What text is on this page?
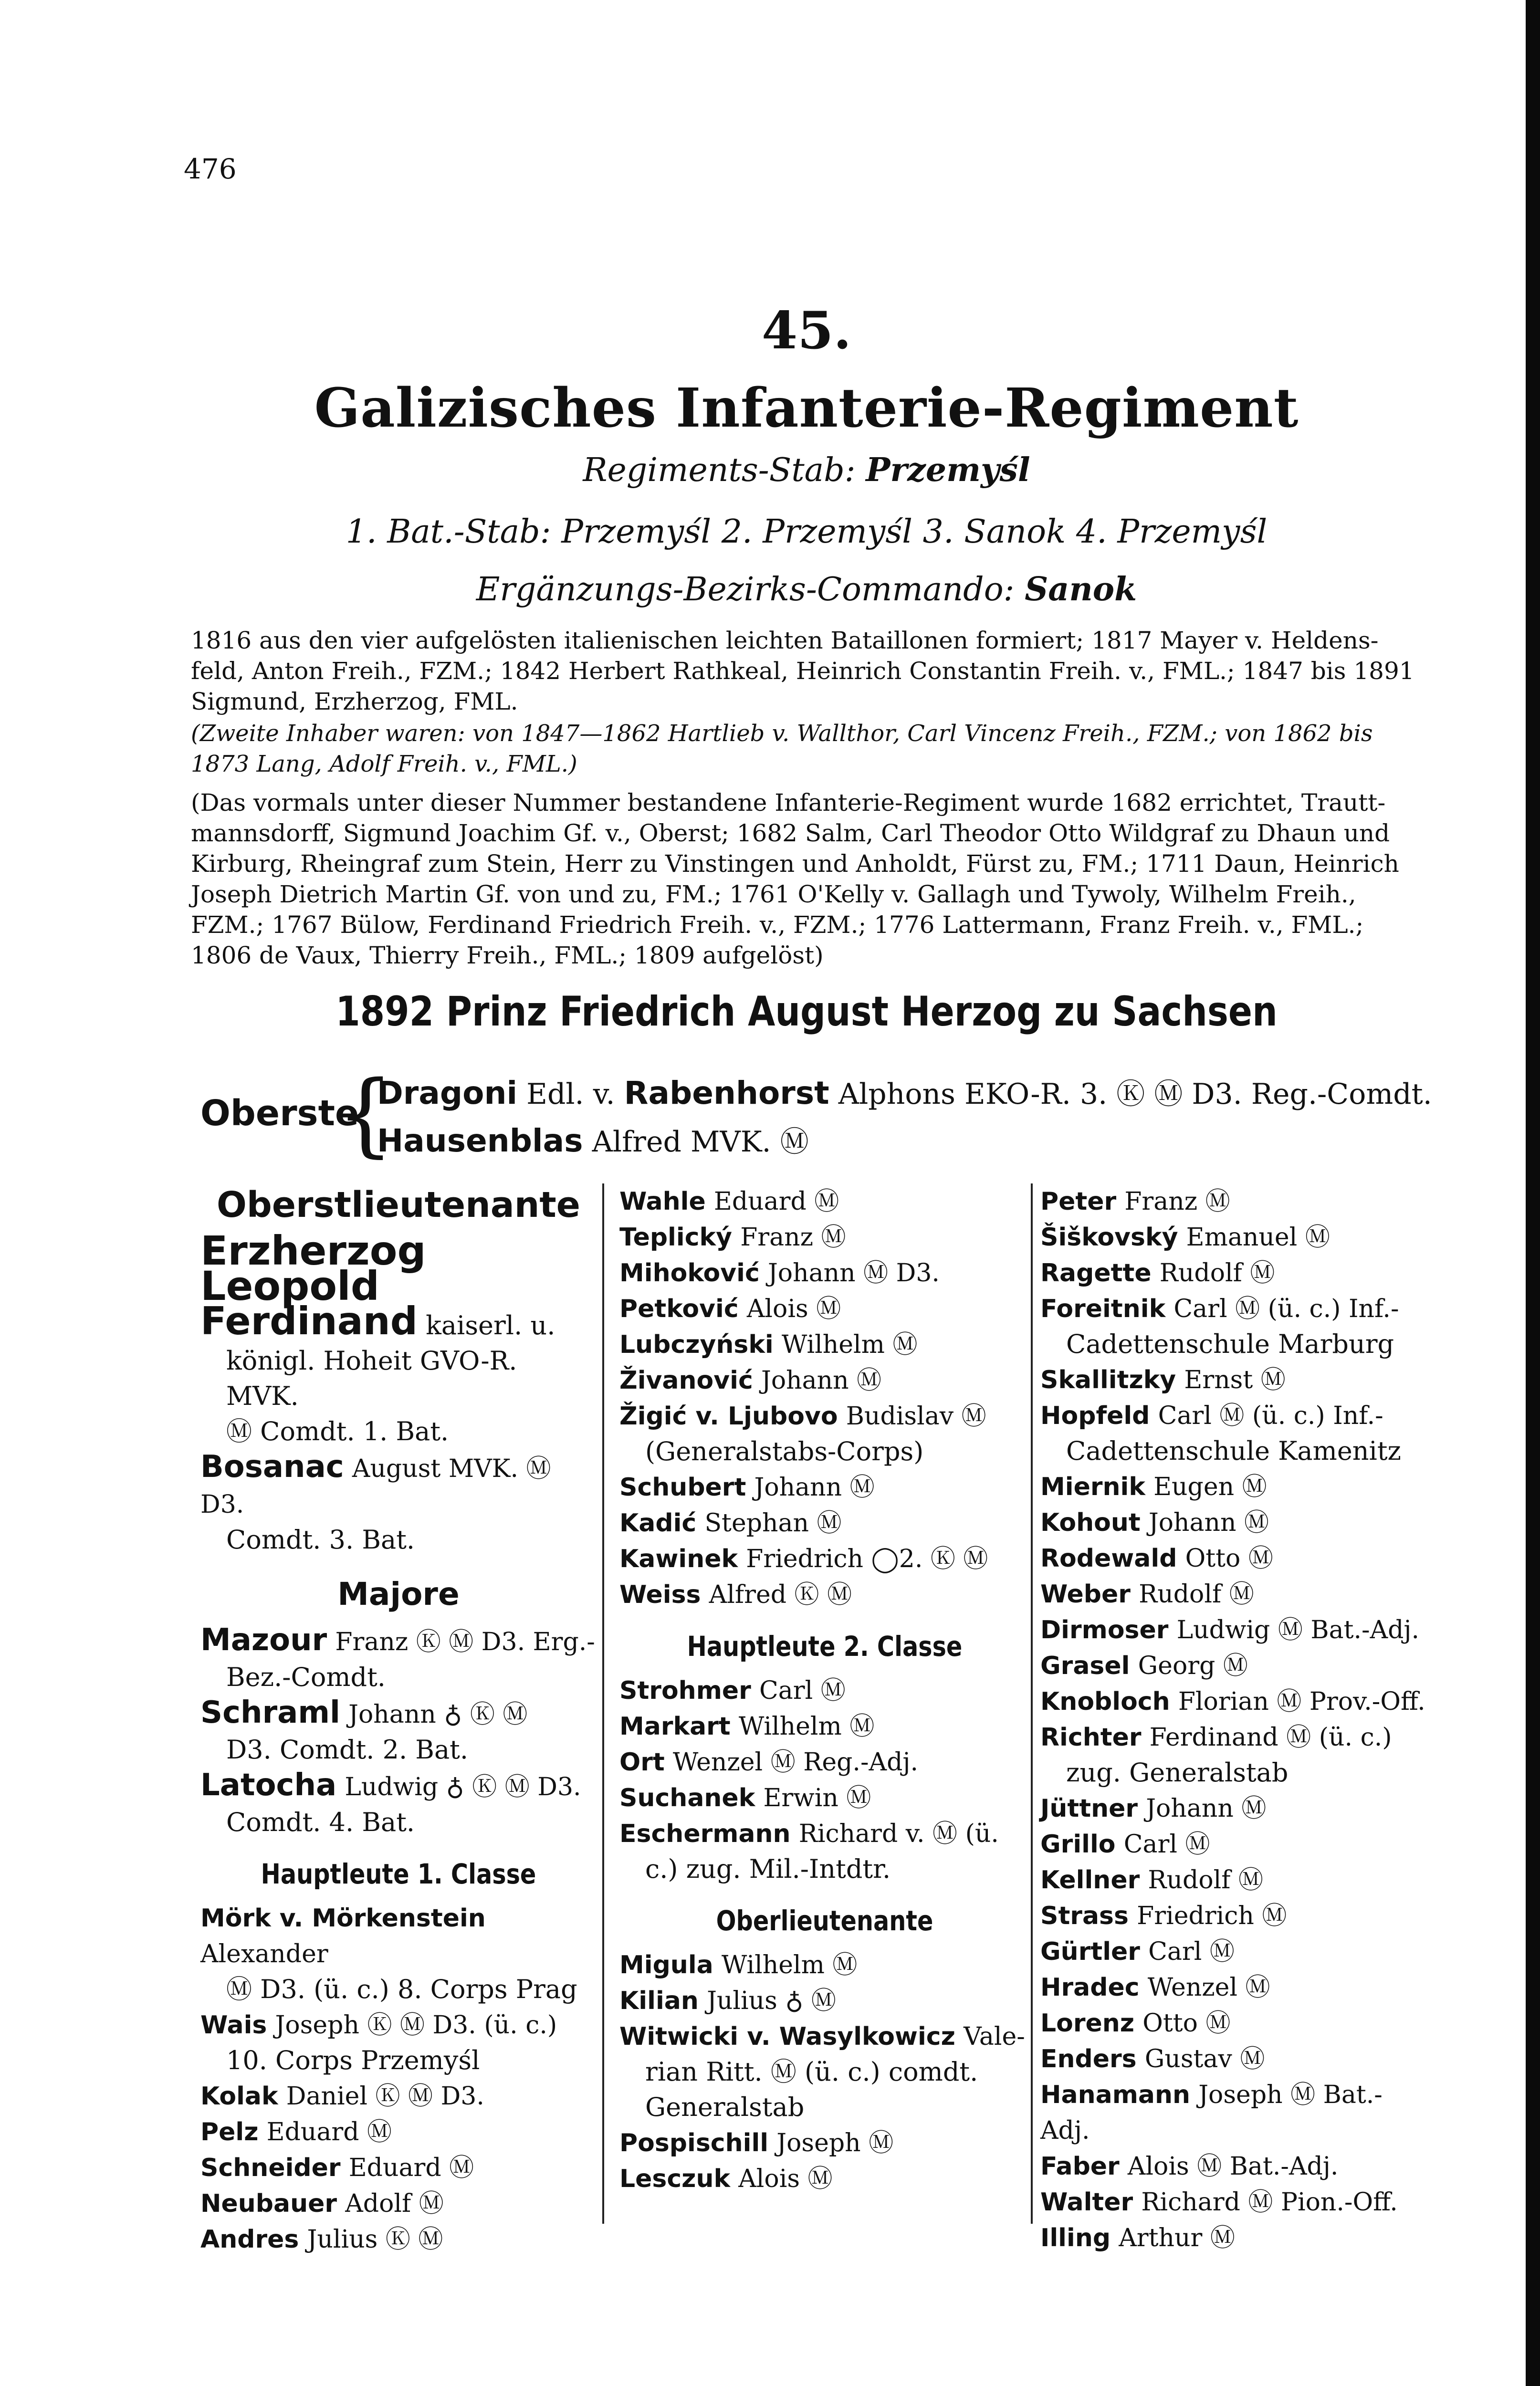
476
45.
Galizisches Infanterie-Regiment
Regiments-Stab: Przemyśl
1. Bat.-Stab: Przemyśl 2. Przemyśl 3. Sanok 4. Przemyśl
Ergänzungs-Bezirks-Commando: Sanok
1816 aus den vier aufgelösten italienischen leichten Bataillonen formiert; 1817 Mayer v. Heldens-feld, Anton Freih., FZM.; 1842 Herbert Rathkeal, Heinrich Constantin Freih. v., FML.; 1847 bis 1891 Sigmund, Erzherzog, FML.
(Zweite Inhaber waren: von 1847—1862 Hartlieb v. Wallthor, Carl Vincenz Freih., FZM.; von 1862 bis 1873 Lang, Adolf Freih. v., FML.)
(Das vormals unter dieser Nummer bestandene Infanterie-Regiment wurde 1682 errichtet, Trautt-mannsdorff, Sigmund Joachim Gf. v., Oberst; 1682 Salm, Carl Theodor Otto Wildgraf zu Dhaun und Kirburg, Rheingraf zum Stein, Herr zu Vinstingen und Anholdt, Fürst zu, FM.; 1711 Daun, Heinrich Joseph Dietrich Martin Gf. von und zu, FM.; 1761 O'Kelly v. Gallagh und Tywoly, Wilhelm Freih., FZM.; 1767 Bülow, Ferdinand Friedrich Freih. v., FZM.; 1776 Lattermann, Franz Freih. v., FML.; 1806 de Vaux, Thierry Freih., FML.; 1809 aufgelöst)
1892 Prinz Friedrich August Herzog zu Sachsen
Oberste
{
Dragoni Edl. v. Rabenhorst Alphons EKO-R. 3. Ⓚ Ⓜ D3. Reg.-Comdt.
Hausenblas Alfred MVK. Ⓜ
Oberstlieutenante
Erzherzog Leopold
Ferdinand kaiserl. u.
königl. Hoheit GVO-R. MVK.
Ⓜ Comdt. 1. Bat.
Bosanac August MVK. Ⓜ D3.
Comdt. 3. Bat.
Majore
Mazour Franz Ⓚ Ⓜ D3. Erg.-
Bez.-Comdt.
Schraml Johann ♁ Ⓚ Ⓜ
D3. Comdt. 2. Bat.
Latocha Ludwig ♁ Ⓚ Ⓜ D3.
Comdt. 4. Bat.
Hauptleute 1. Classe
Mörk v. Mörkenstein Alexander
Ⓜ D3. (ü. c.) 8. Corps Prag
Wais Joseph Ⓚ Ⓜ D3. (ü. c.)
10. Corps Przemyśl
Kolak Daniel Ⓚ Ⓜ D3.
Pelz Eduard Ⓜ
Schneider Eduard Ⓜ
Neubauer Adolf Ⓜ
Andres Julius Ⓚ Ⓜ
Wahle Eduard Ⓜ
Teplický Franz Ⓜ
Mihoković Johann Ⓜ D3.
Petković Alois Ⓜ
Lubczyński Wilhelm Ⓜ
Živanović Johann Ⓜ
Žigić v. Ljubovo Budislav Ⓜ
(Generalstabs-Corps)
Schubert Johann Ⓜ
Kadić Stephan Ⓜ
Kawinek Friedrich ◯2. Ⓚ Ⓜ
Weiss Alfred Ⓚ Ⓜ
Hauptleute 2. Classe
Strohmer Carl Ⓜ
Markart Wilhelm Ⓜ
Ort Wenzel Ⓜ Reg.-Adj.
Suchanek Erwin Ⓜ
Eschermann Richard v. Ⓜ (ü.
c.) zug. Mil.-Intdtr.
Oberlieutenante
Migula Wilhelm Ⓜ
Kilian Julius ♁ Ⓜ
Witwicki v. Wasylkowicz Vale-
rian Ritt. Ⓜ (ü. c.) comdt. Generalstab
Pospischill Joseph Ⓜ
Lesczuk Alois Ⓜ
Peter Franz Ⓜ
Šiškovský Emanuel Ⓜ
Ragette Rudolf Ⓜ
Foreitnik Carl Ⓜ (ü. c.) Inf.-
Cadettenschule Marburg
Skallitzky Ernst Ⓜ
Hopfeld Carl Ⓜ (ü. c.) Inf.-
Cadettenschule Kamenitz
Miernik Eugen Ⓜ
Kohout Johann Ⓜ
Rodewald Otto Ⓜ
Weber Rudolf Ⓜ
Dirmoser Ludwig Ⓜ Bat.-Adj.
Grasel Georg Ⓜ
Knobloch Florian Ⓜ Prov.-Off.
Richter Ferdinand Ⓜ (ü. c.)
zug. Generalstab
Jüttner Johann Ⓜ
Grillo Carl Ⓜ
Kellner Rudolf Ⓜ
Strass Friedrich Ⓜ
Gürtler Carl Ⓜ
Hradec Wenzel Ⓜ
Lorenz Otto Ⓜ
Enders Gustav Ⓜ
Hanamann Joseph Ⓜ Bat.-Adj.
Faber Alois Ⓜ Bat.-Adj.
Walter Richard Ⓜ Pion.-Off.
Illing Arthur Ⓜ
